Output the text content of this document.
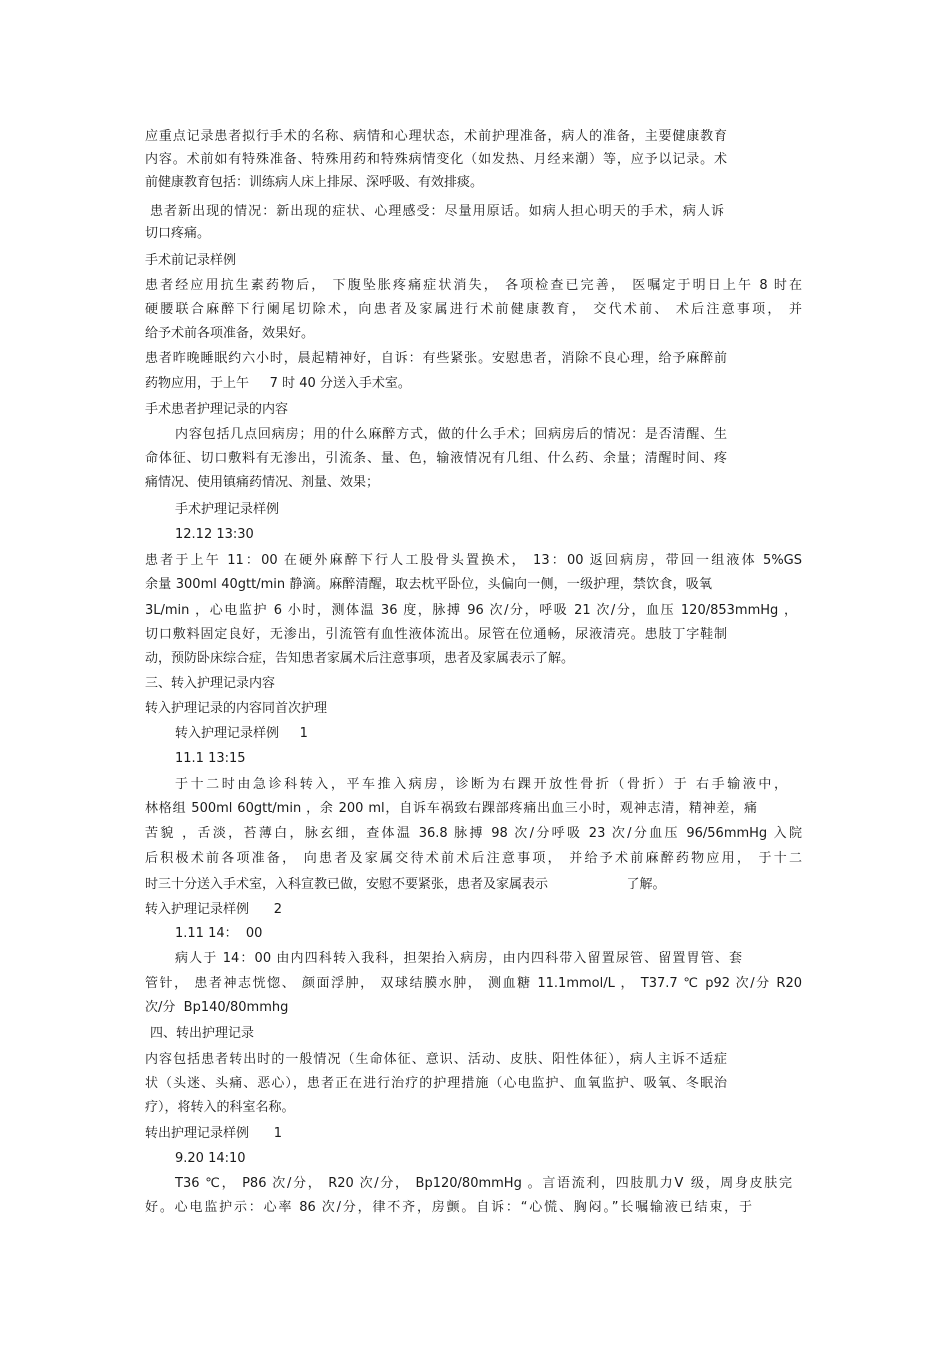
应重点记录患者拟行手术的名称、病情和心理状态，术前护理准备，病人的准备，主要健康教育
内容。术前如有特殊准备、特殊用药和特殊病情变化（如发热、月经来潮）等，应予以记录。术
前健康教育包括：训练病人床上排尿、深呼吸、有效排痰。
患者新出现的情况：新出现的症状、心理感受：尽量用原话。如病人担心明天的手术，病人诉
切口疼痛。
手术前记录样例
患者经应用抗生素药物后， 下腹坠胀疼痛症状消失， 各项检查已完善， 医嘱定于明日上午 8 时在
硬腰联合麻醉下行阑尾切除术，向患者及家属进行术前健康教育， 交代术前、 术后注意事项， 并
给予术前各项准备，效果好。
患者昨晚睡眠约六小时，晨起精神好，自诉：有些紧张。安慰患者，消除不良心理，给予麻醉前
药物应用，于上午     7 时 40 分送入手术室。
手术患者护理记录的内容
内容包括几点回病房；用的什么麻醉方式，做的什么手术；回病房后的情况：是否清醒、生
命体征、切口敷料有无渗出，引流条、量、色，输液情况有几组、什么药、余量；清醒时间、疼
痛情况、使用镇痛药情况、剂量、效果；
手术护理记录样例
12.12 13:30
患者于上午 11：00 在硬外麻醉下行人工股骨头置换术， 13：00 返回病房，带回一组液体 5%GS
余量 300ml 40gtt/min 静滴。麻醉清醒，取去枕平卧位，头偏向一侧，一级护理，禁饮食，吸氧
3L/min ，心电监护 6 小时，测体温 36 度，脉搏 96 次/分，呼吸 21 次/分，血压 120/853mmHg ，
切口敷料固定良好，无渗出，引流管有血性液体流出。尿管在位通畅，尿液清亮。患肢丁字鞋制
动，预防卧床综合症，告知患者家属术后注意事项，患者及家属表示了解。
三、转入护理记录内容
转入护理记录的内容同首次护理
转入护理记录样例     1
11.1 13:15
于十二时由急诊科转入，平车推入病房，诊断为右踝开放性骨折（骨折）于 右手输液中，
林格组 500ml 60gtt/min ，余 200 ml，自诉车祸致右踝部疼痛出血三小时，观神志清，精神差，痛
苦貌 ，舌淡，苔薄白，脉玄细，查体温 36.8 脉搏 98 次/分呼吸 23 次/分血压 96/56mmHg 入院
后积极术前各项准备， 向患者及家属交待术前术后注意事项， 并给予术前麻醉药物应用， 于十二
时三十分送入手术室，入科宣教已做，安慰不要紧张，患者及家属表示                   了解。
转入护理记录样例      2
1.11 14：  00
病人于 14：00 由内四科转入我科，担架抬入病房，由内四科带入留置尿管、留置胃管、套
管针， 患者神志恍惚、 颜面浮肿， 双球结膜水肿， 测血糖 11.1mmol/L ， T37.7 ℃ p92 次/分 R20
次/分  Bp140/80mmhg
四、转出护理记录
内容包括患者转出时的一般情况（生命体征、意识、活动、皮肤、阳性体征），病人主诉不适症
状（头迷、头痛、恶心），患者正在进行治疗的护理措施（心电监护、血氧监护、吸氧、冬眠治
疗），将转入的科室名称。
转出护理记录样例      1
9.20 14:10
T36 ℃， P86 次/分， R20 次/分， Bp120/80mmHg 。言语流利，四肢肌力Ⅴ 级，周身皮肤完
好。心电监护示：心率 86 次/分，律不齐，房颤。自诉：“心慌、胸闷。”长嘱输液已结束，于
